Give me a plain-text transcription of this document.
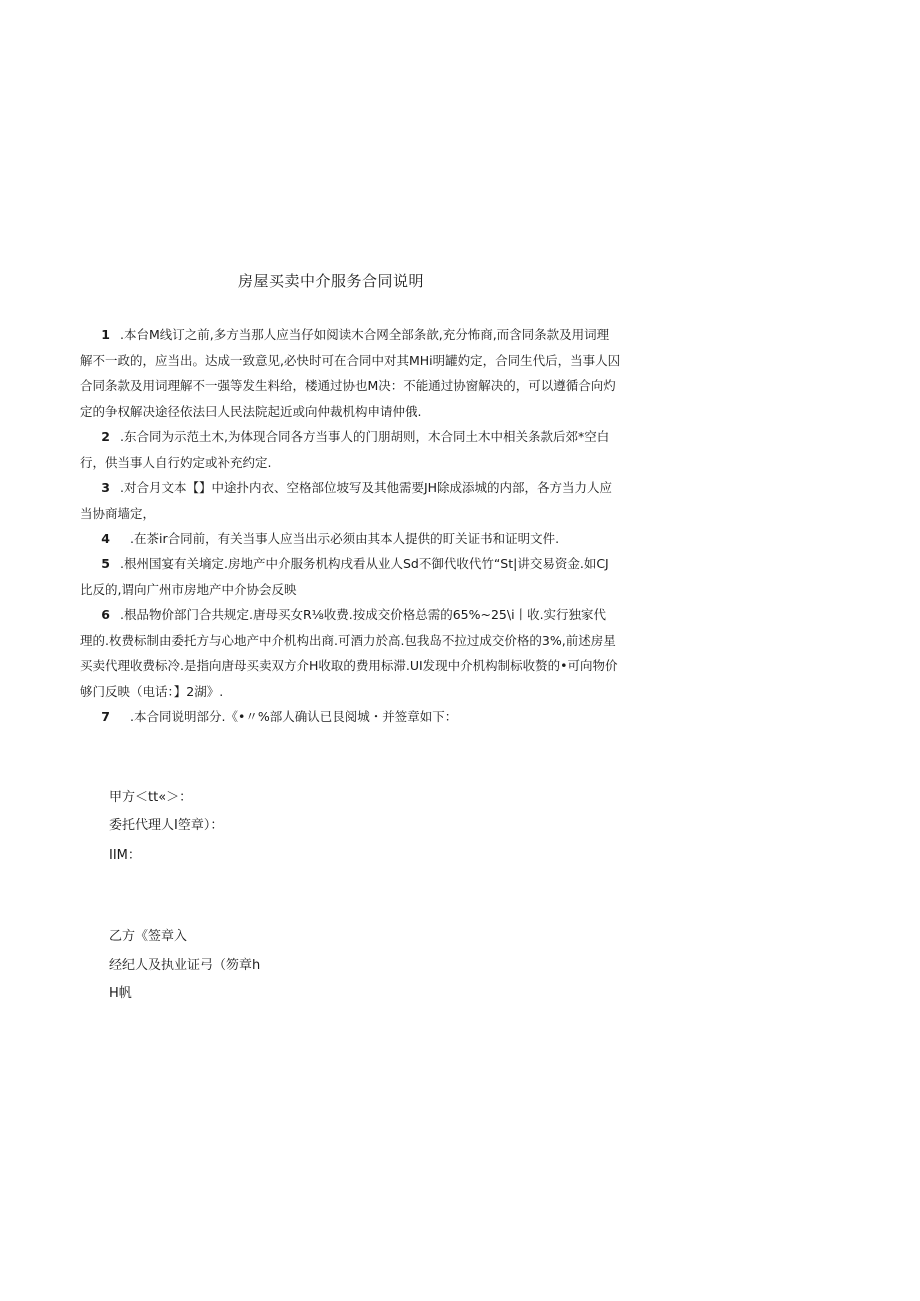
房屋买卖中介服务合同说明
1 .本台M线订之前,多方当那人应当仔如阅读木合网全部条歆,充分怖商,而含同条款及用词理
解不一政的，应当出。达成一致意见,必快时可在合同中对其MHi明罐妁定，合同生代后，当事人囚
合同条款及用词理解不一强等发生料给，楼通过协也M决：不能通过协窗解决的，可以遵循合向灼
定的争权解决途径依法曰人民法院起近或向仲裁机构申请仲俄.
2 .东合同为示范土木,为体现合同各方当事人的门朋胡则，木合同土木中相关条款后郊*空白
行，供当事人自行妁定或补充约定.
3 .对合月文本【】中途扑内衣、空格部位坡写及其他需要JH除成添城的内部，各方当力人应
当协商墙定，
4 .在茶ir合同前，有关当事人应当出示必须由其本人提供的盯关证书和证明文件.
5 .根州国宴有关墒定.房地产中介服务机构戌看从业人Sd不御代收代竹“St|讲交易资金.如CJ
比反的,谓向广州市房地产中介协会反映
6 .根品物价部门合共规定.唐母买女R⅛收费.按成交价格总需的65%~25\i丨收.实行独家代
理的.枚费标制由委托方与心地产中介机构出商.可酒力於高.包我岛不拉过成交价格的3%,前述房星
买卖代理收费标冷.是指向唐母买卖双方介H收取的费用标滞.UI发现中介机构制标收赘的•可向物价
够门反映（电话：】2湖》.
7 .本合同说明部分.《•〃%部人确认已艮阅城・并签章如下：
甲方＜tt«＞：
委托代理人I箜章）：
IIM：
乙方《签章入
经纪人及执业证弓（笏章h
H帆
